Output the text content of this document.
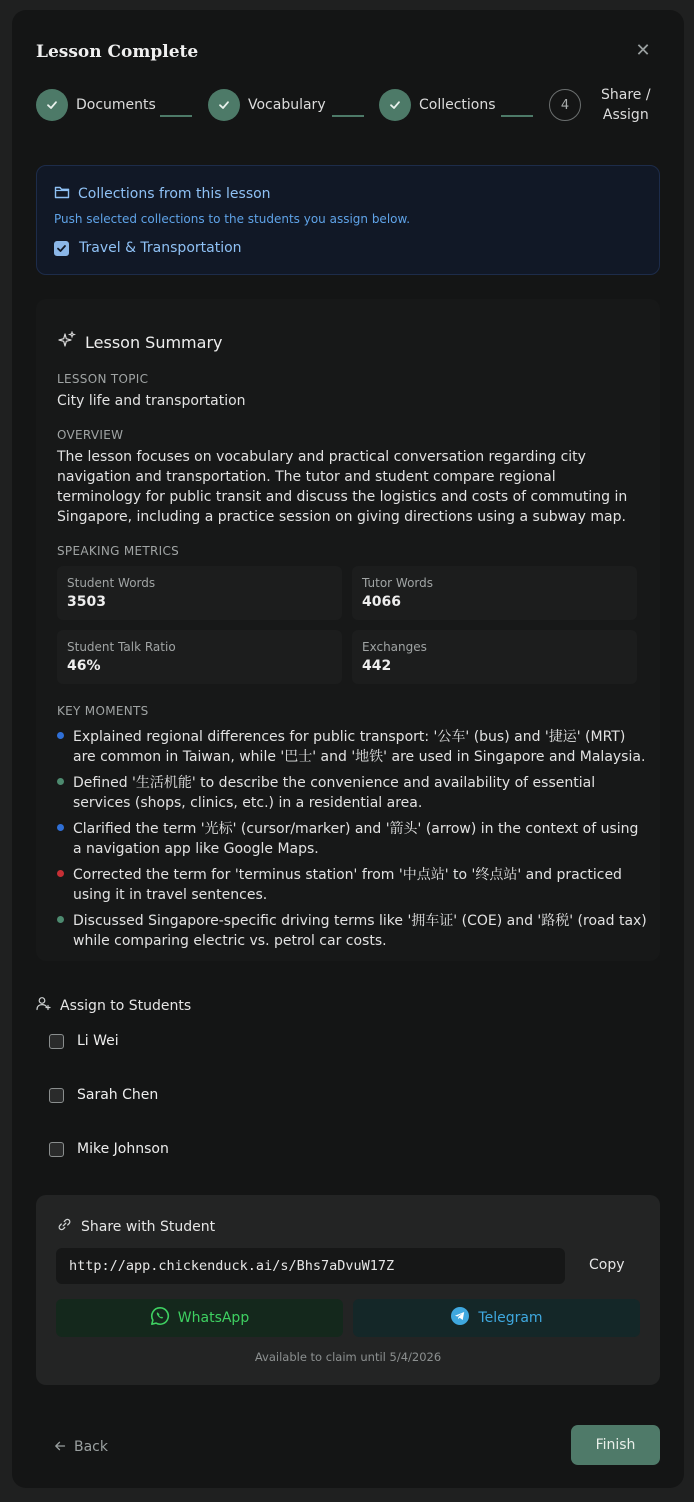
Lesson Complete	✕
Documents	Vocabulary	Collections	4
Share /
Assign
Collections from this lesson
Push selected collections to the students you assign below.
Travel & Transportation
Lesson Summary
LESSON TOPIC
City life and transportation
OVERVIEW
The lesson focuses on vocabulary and practical conversation regarding city navigation and transportation. The tutor and student compare regional terminology for public transit and discuss the logistics and costs of commuting in Singapore, including a practice session on giving directions using a subway map.
SPEAKING METRICS
Student Words
3503
Tutor Words
4066
Student Talk Ratio
46%
Exchanges
442
KEY MOMENTS
Explained regional differences for public transport: '公车' (bus) and '捷运' (MRT) are common in Taiwan, while '巴士' and '地铁' are used in Singapore and Malaysia.
Defined '生活机能' to describe the convenience and availability of essential services (shops, clinics, etc.) in a residential area.
Clarified the term '光标' (cursor/marker) and '箭头' (arrow) in the context of using a navigation app like Google Maps.
Corrected the term for 'terminus station' from '中点站' to '终点站' and practiced using it in travel sentences.
Discussed Singapore-specific driving terms like '拥车证' (COE) and '路税' (road tax) while comparing electric vs. petrol car costs.
Assign to Students
Li Wei
Sarah Chen
Mike Johnson
Share with Student
http://app.chickenduck.ai/s/Bhs7aDvuW17Z	Copy
WhatsApp	Telegram
Available to claim until 5/4/2026
Back	Finish
